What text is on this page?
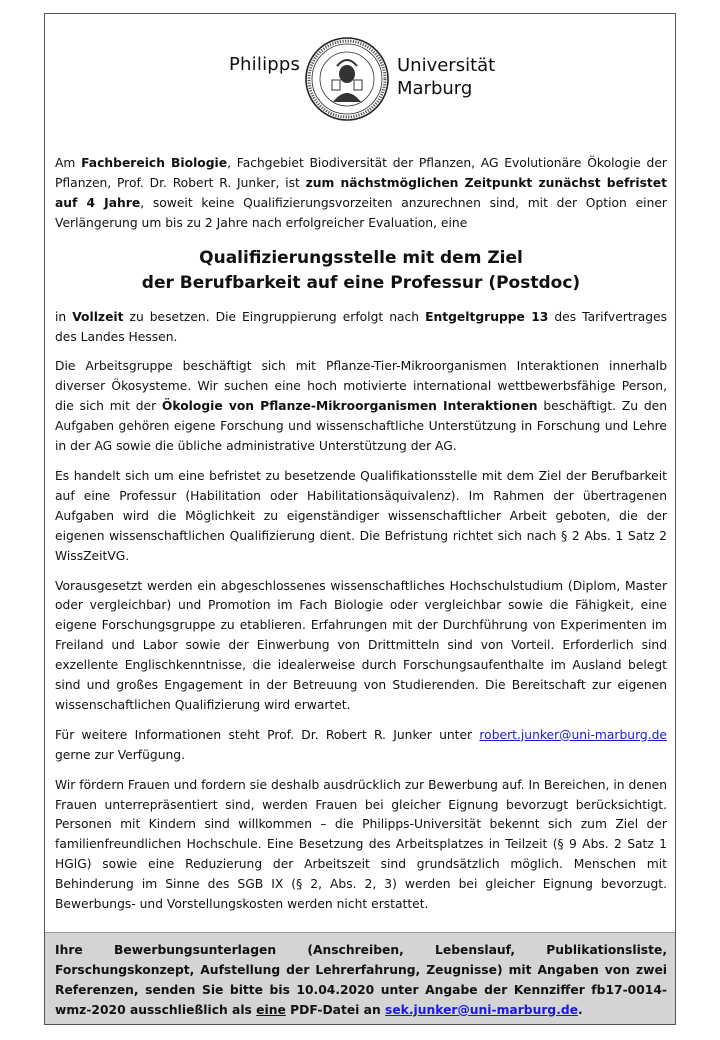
Philipps	Universität
Marburg

Am Fachbereich Biologie, Fachgebiet Biodiversität der Pflanzen, AG Evolutionäre Ökologie der Pflanzen, Prof. Dr. Robert R. Junker, ist zum nächstmöglichen Zeitpunkt zunächst befristet auf 4 Jahre, soweit keine Qualifizierungsvorzeiten anzurechnen sind, mit der Option einer Verlängerung um bis zu 2 Jahre nach erfolgreicher Evaluation, eine

Qualifizierungsstelle mit dem Ziel
der Berufbarkeit auf eine Professur (Postdoc)

in Vollzeit zu besetzen. Die Eingruppierung erfolgt nach Entgeltgruppe 13 des Tarifvertrages des Landes Hessen.

Die Arbeitsgruppe beschäftigt sich mit Pflanze-Tier-Mikroorganismen Interaktionen innerhalb diverser Ökosysteme. Wir suchen eine hoch motivierte international wettbewerbsfähige Person, die sich mit der Ökologie von Pflanze-Mikroorganismen Interaktionen beschäftigt. Zu den Aufgaben gehören eigene Forschung und wissenschaftliche Unterstützung in Forschung und Lehre in der AG sowie die übliche administrative Unterstützung der AG.

Es handelt sich um eine befristet zu besetzende Qualifikationsstelle mit dem Ziel der Berufbarkeit auf eine Professur (Habilitation oder Habilitationsäquivalenz). Im Rahmen der übertragenen Aufgaben wird die Möglichkeit zu eigenständiger wissenschaftlicher Arbeit geboten, die der eigenen wissenschaftlichen Qualifizierung dient. Die Befristung richtet sich nach § 2 Abs. 1 Satz 2 WissZeitVG.

Vorausgesetzt werden ein abgeschlossenes wissenschaftliches Hochschulstudium (Diplom, Master oder vergleichbar) und Promotion im Fach Biologie oder vergleichbar sowie die Fähigkeit, eine eigene Forschungsgruppe zu etablieren. Erfahrungen mit der Durchführung von Experimenten im Freiland und Labor sowie der Einwerbung von Drittmitteln sind von Vorteil. Erforderlich sind exzellente Englischkenntnisse, die idealerweise durch Forschungsaufenthalte im Ausland belegt sind und großes Engagement in der Betreuung von Studierenden. Die Bereitschaft zur eigenen wissenschaftlichen Qualifizierung wird erwartet.

Für weitere Informationen steht Prof. Dr. Robert R. Junker unter robert.junker@uni-marburg.de gerne zur Verfügung.

Wir fördern Frauen und fordern sie deshalb ausdrücklich zur Bewerbung auf. In Bereichen, in denen Frauen unterrepräsentiert sind, werden Frauen bei gleicher Eignung bevorzugt berücksichtigt. Personen mit Kindern sind willkommen – die Philipps-Universität bekennt sich zum Ziel der familienfreundlichen Hochschule. Eine Besetzung des Arbeitsplatzes in Teilzeit (§ 9 Abs. 2 Satz 1 HGlG) sowie eine Reduzierung der Arbeitszeit sind grundsätzlich möglich. Menschen mit Behinderung im Sinne des SGB IX (§ 2, Abs. 2, 3) werden bei gleicher Eignung bevorzugt. Bewerbungs- und Vorstellungskosten werden nicht erstattet.

Ihre Bewerbungsunterlagen (Anschreiben, Lebenslauf, Publikationsliste, Forschungskonzept, Aufstellung der Lehrerfahrung, Zeugnisse) mit Angaben von zwei Referenzen, senden Sie bitte bis 10.04.2020 unter Angabe der Kennziffer fb17-0014-wmz-2020 ausschließlich als eine PDF-Datei an sek.junker@uni-marburg.de.
